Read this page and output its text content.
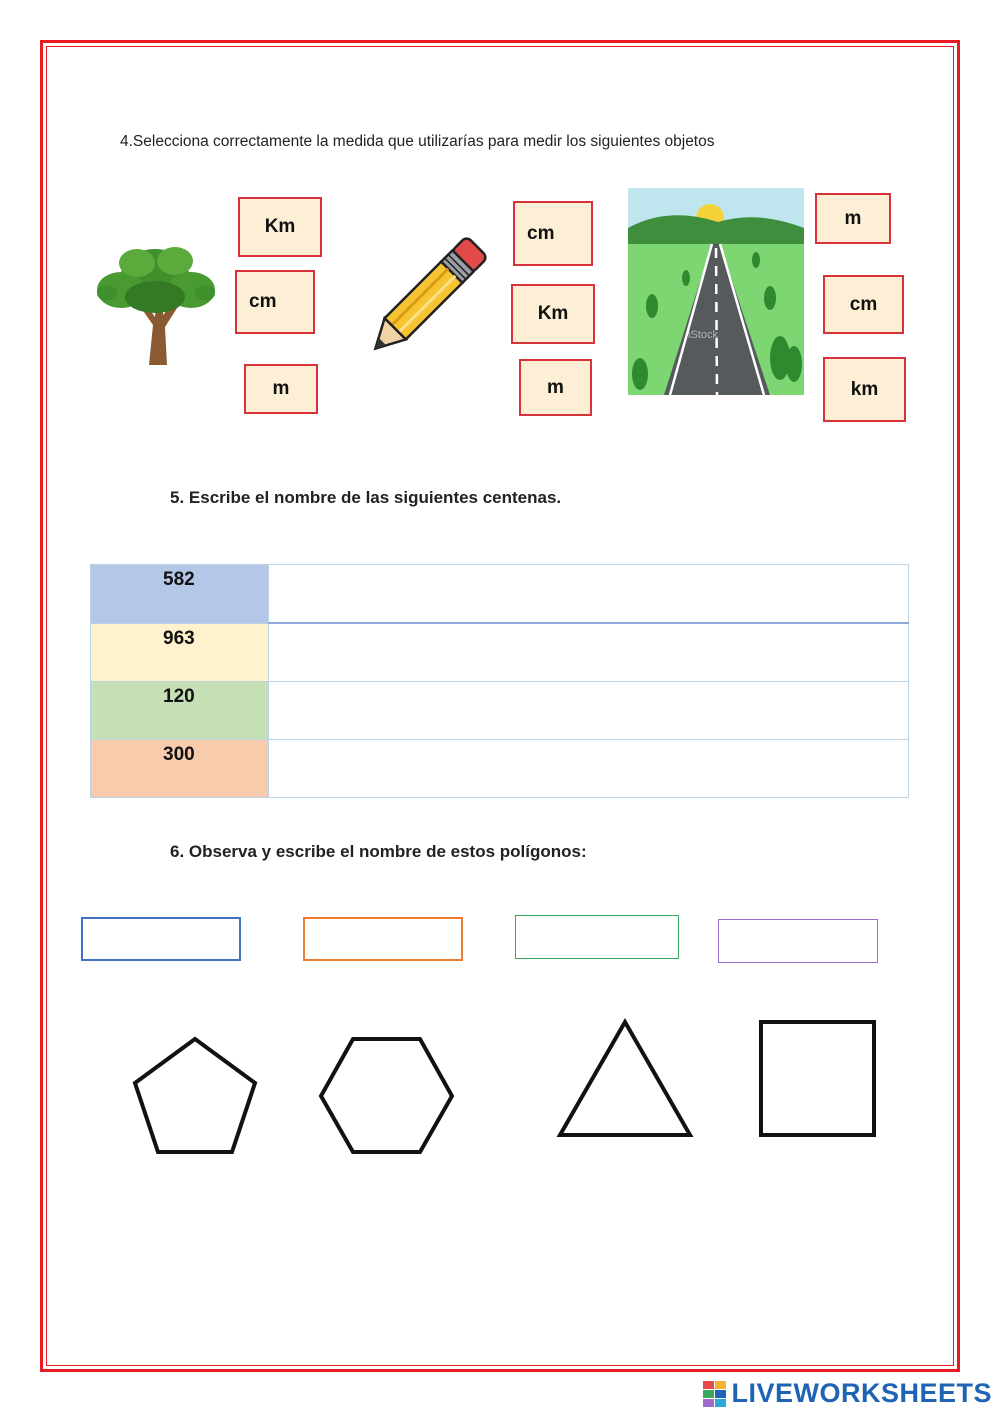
4.Selecciona correctamente la medida que utilizarías para medir los siguientes objetos
Km
cm
m
cm
Km
m
iStock
m
cm
km
5. Escribe el nombre de las siguientes centenas.
582	
963	
120	
300	
6. Observa y escribe el nombre de estos polígonos:
LIVEWORKSHEETS
